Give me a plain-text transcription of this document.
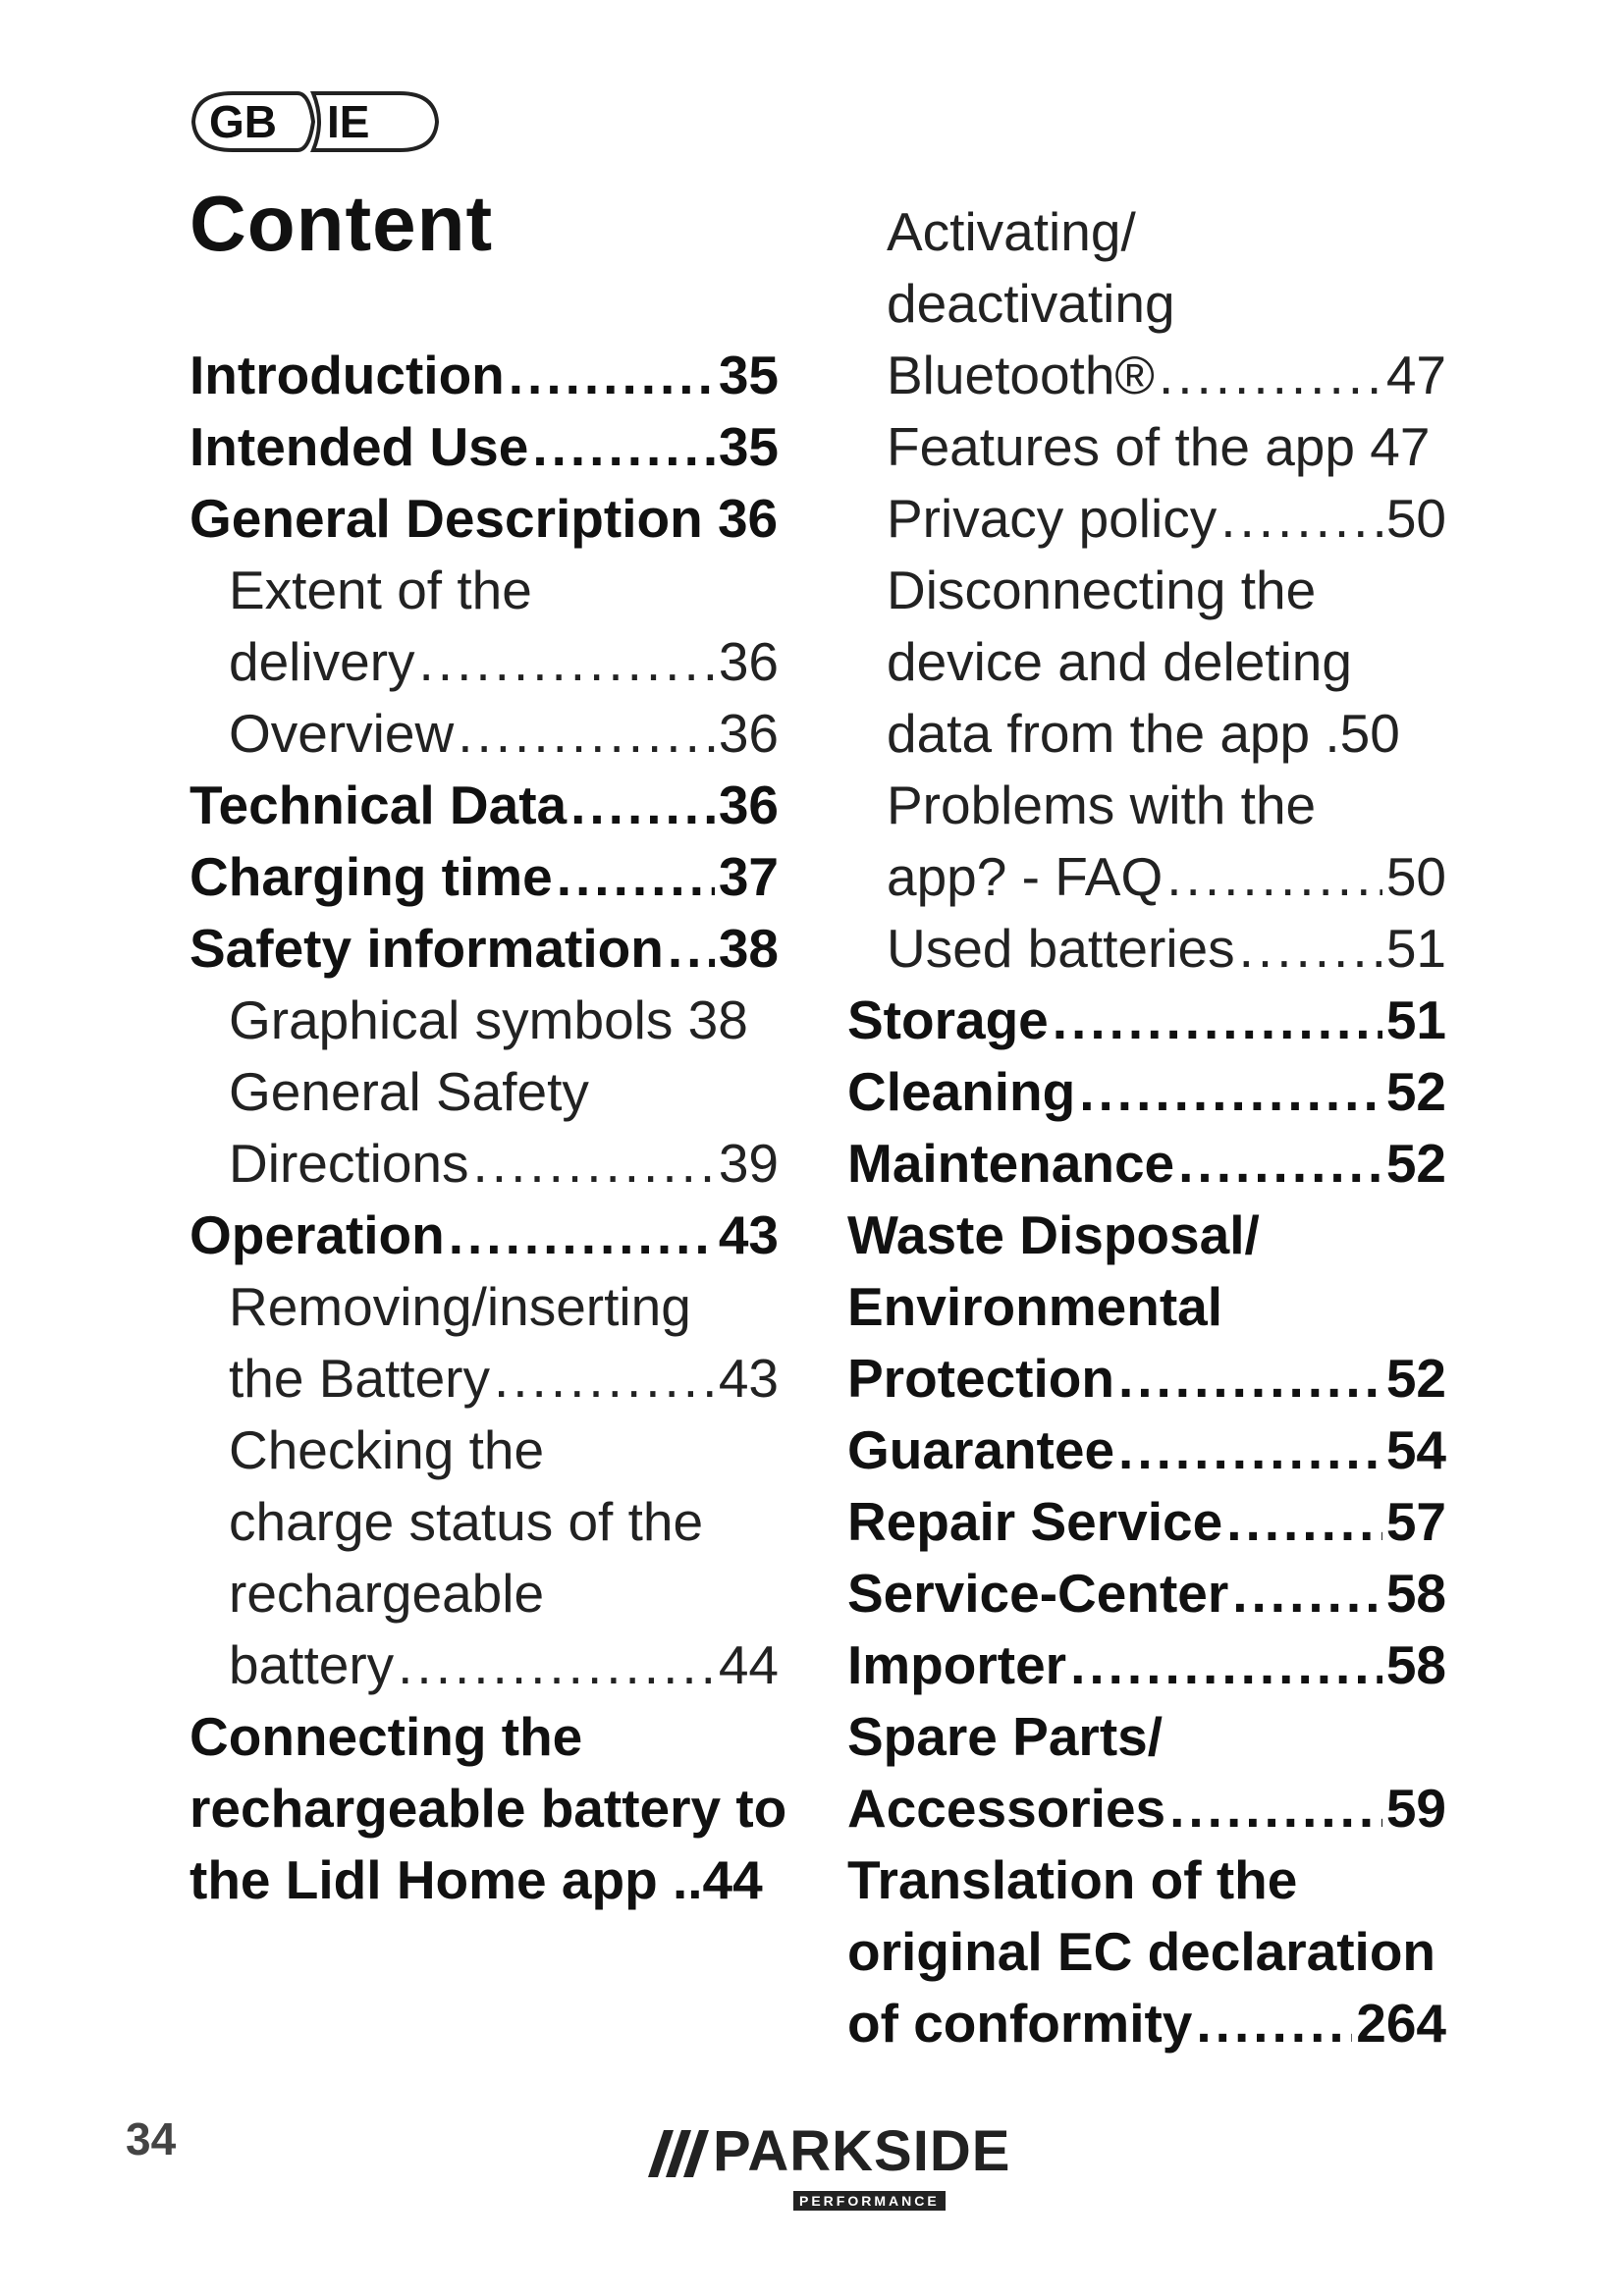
GB IE
Content
Introduction .....	35
Intended Use .....	35
General Description 36
Extent of the
delivery .....	36
Overview .....	36
Technical Data .....	36
Charging time .....	37
Safety information ..... 38
Graphical symbols 38
General Safety
Directions .....	39
Operation .....	43
Removing/inserting
the Battery .....	43
Checking the
charge status of the
rechargeable
battery .....	44
Connecting the
rechargeable battery to
the Lidl Home app ..44
Activating/
deactivating
Bluetooth® .....	47
Features of the app 47
Privacy policy .....	50
Disconnecting the
device and deleting
data from the app .50
Problems with the
app? - FAQ .....	50
Used batteries .....	51
Storage .....	51
Cleaning .....	52
Maintenance .....	52
Waste Disposal/
Environmental
Protection .....	52
Guarantee .....	54
Repair Service .....	57
Service-Center .....	58
Importer .....	58
Spare Parts/
Accessories .....	59
Translation of the
original EC declaration
of conformity .....	264
34	PARKSIDE
PERFORMANCE
